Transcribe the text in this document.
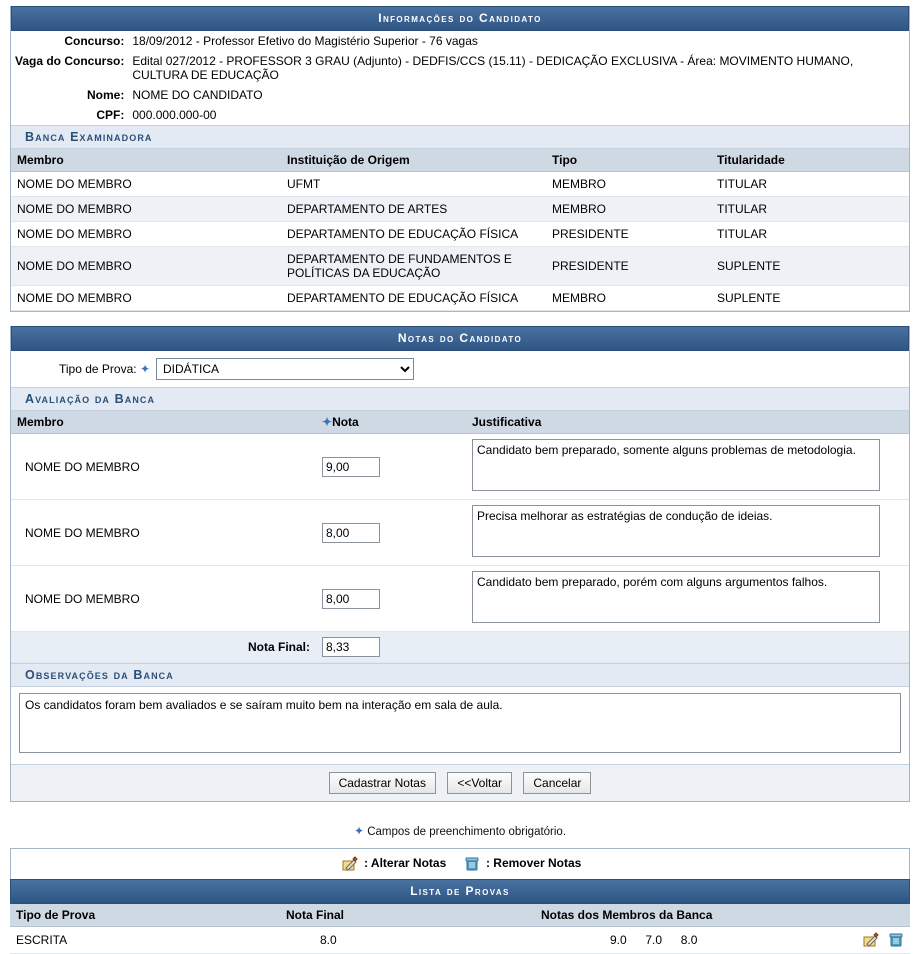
Informações do Candidato
Concurso:	18/09/2012 - Professor Efetivo do Magistério Superior - 76 vagas
Vaga do Concurso:	Edital 027/2012 - PROFESSOR 3 GRAU (Adjunto) - DEDFIS/CCS (15.11) - DEDICAÇÃO EXCLUSIVA - Área: MOVIMENTO HUMANO, CULTURA DE EDUCAÇÃO
Nome:	NOME DO CANDIDATO
CPF:	000.000.000-00
Banca Examinadora
Membro	Instituição de Origem	Tipo	Titularidade
NOME DO MEMBRO	UFMT	MEMBRO	TITULAR
NOME DO MEMBRO	DEPARTAMENTO DE ARTES	MEMBRO	TITULAR
NOME DO MEMBRO	DEPARTAMENTO DE EDUCAÇÃO FÍSICA	PRESIDENTE	TITULAR
NOME DO MEMBRO	DEPARTAMENTO DE FUNDAMENTOS E POLÍTICAS DA EDUCAÇÃO	PRESIDENTE	SUPLENTE
NOME DO MEMBRO	DEPARTAMENTO DE EDUCAÇÃO FÍSICA	MEMBRO	SUPLENTE
Notas do Candidato
Tipo de Prova: ✦	
DIDÁTICA
Avaliação da Banca
Membro	✦Nota	Justificativa
NOME DO MEMBRO	9,00	Candidato bem preparado, somente alguns problemas de metodologia.
NOME DO MEMBRO	8,00	Precisa melhorar as estratégias de condução de ideias.
NOME DO MEMBRO	8,00	Candidato bem preparado, porém com alguns argumentos falhos.
Nota Final:	8,33
Observações da Banca
Os candidatos foram bem avaliados e se saíram muito bem na interação em sala de aula.
Cadastrar Notas	<<Voltar	Cancelar
✦ Campos de preenchimento obrigatório.
: Alterar Notas	: Remover Notas
Lista de Provas
Tipo de Prova	Nota Final	Notas dos Membros da Banca	
ESCRITA	8.0	9.0 7.0 8.0	
